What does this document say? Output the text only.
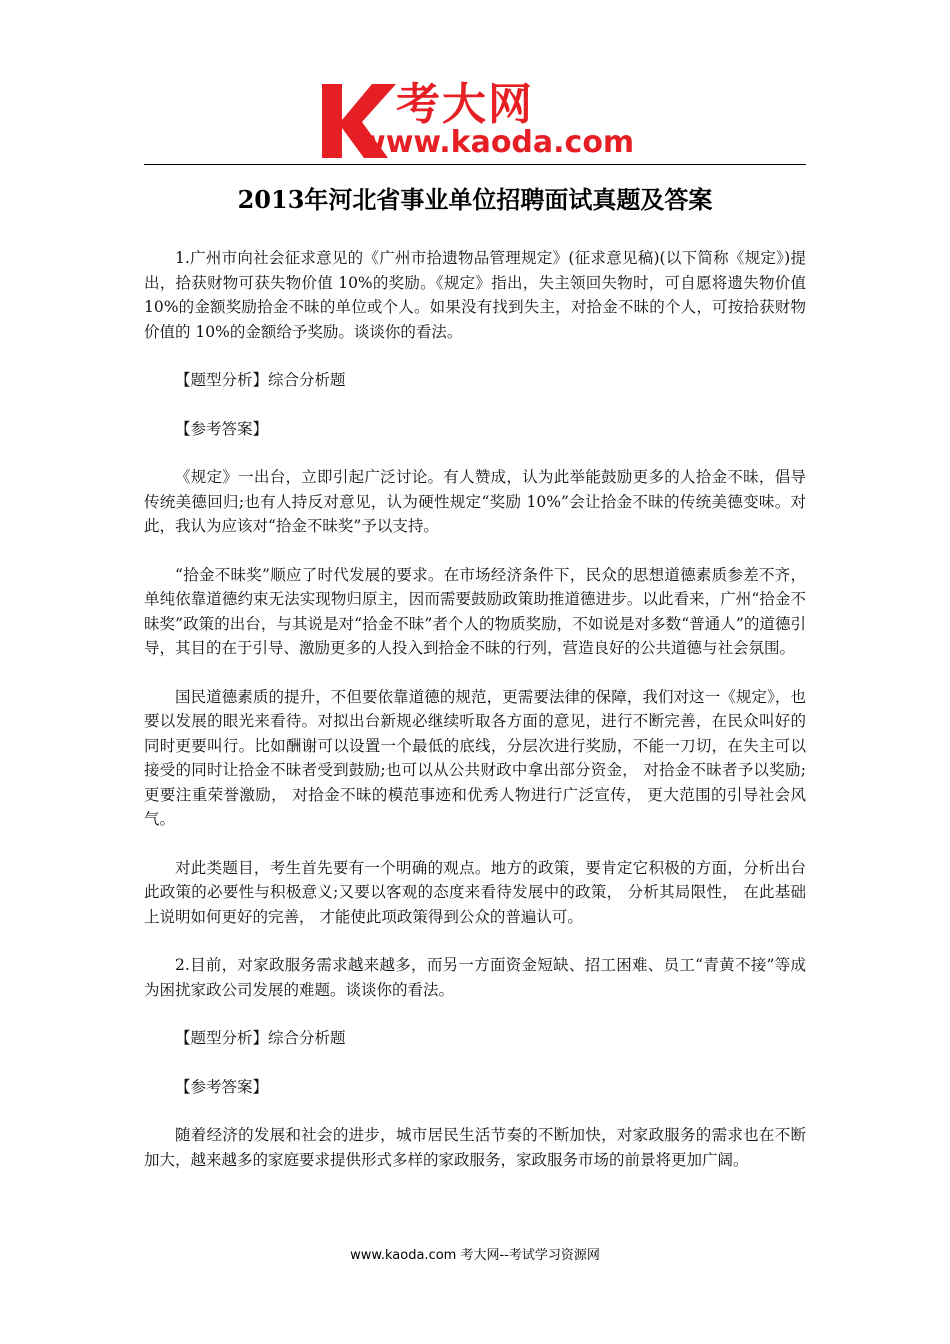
考大网
www.kaoda.com
2013年河北省事业单位招聘面试真题及答案

1.广州市向社会征求意见的《广州市拾遗物品管理规定》(征求意见稿)(以下简称《规定》)提出，拾获财物可获失物价值 10%的奖励。《规定》指出，失主领回失物时，可自愿将遗失物价值 10%的金额奖励拾金不昧的单位或个人。如果没有找到失主，对拾金不昧的个人，可按拾获财物价值的 10%的金额给予奖励。谈谈你的看法。

【题型分析】综合分析题

【参考答案】

《规定》一出台，立即引起广泛讨论。有人赞成，认为此举能鼓励更多的人拾金不昧，倡导传统美德回归;也有人持反对意见，认为硬性规定“奖励 10%”会让拾金不昧的传统美德变味。对此，我认为应该对“拾金不昧奖”予以支持。

“拾金不昧奖”顺应了时代发展的要求。在市场经济条件下，民众的思想道德素质参差不齐，单纯依靠道德约束无法实现物归原主，因而需要鼓励政策助推道德进步。以此看来，广州“拾金不昧奖”政策的出台，与其说是对“拾金不昧”者个人的物质奖励，不如说是对多数“普通人”的道德引导，其目的在于引导、激励更多的人投入到拾金不昧的行列，营造良好的公共道德与社会氛围。

国民道德素质的提升，不但要依靠道德的规范，更需要法律的保障，我们对这一《规定》，也要以发展的眼光来看待。对拟出台新规必继续听取各方面的意见，进行不断完善，在民众叫好的同时更要叫行。比如酬谢可以设置一个最低的底线，分层次进行奖励，不能一刀切，在失主可以接受的同时让拾金不昧者受到鼓励;也可以从公共财政中拿出部分资金， 对拾金不昧者予以奖励;更要注重荣誉激励， 对拾金不昧的模范事迹和优秀人物进行广泛宣传， 更大范围的引导社会风气。

对此类题目，考生首先要有一个明确的观点。地方的政策，要肯定它积极的方面，分析出台此政策的必要性与积极意义;又要以客观的态度来看待发展中的政策， 分析其局限性， 在此基础上说明如何更好的完善， 才能使此项政策得到公众的普遍认可。

2.目前，对家政服务需求越来越多，而另一方面资金短缺、招工困难、员工“青黄不接”等成为困扰家政公司发展的难题。谈谈你的看法。

【题型分析】综合分析题

【参考答案】

随着经济的发展和社会的进步，城市居民生活节奏的不断加快，对家政服务的需求也在不断加大，越来越多的家庭要求提供形式多样的家政服务，家政服务市场的前景将更加广阔。

www.kaoda.com 考大网--考试学习资源网
